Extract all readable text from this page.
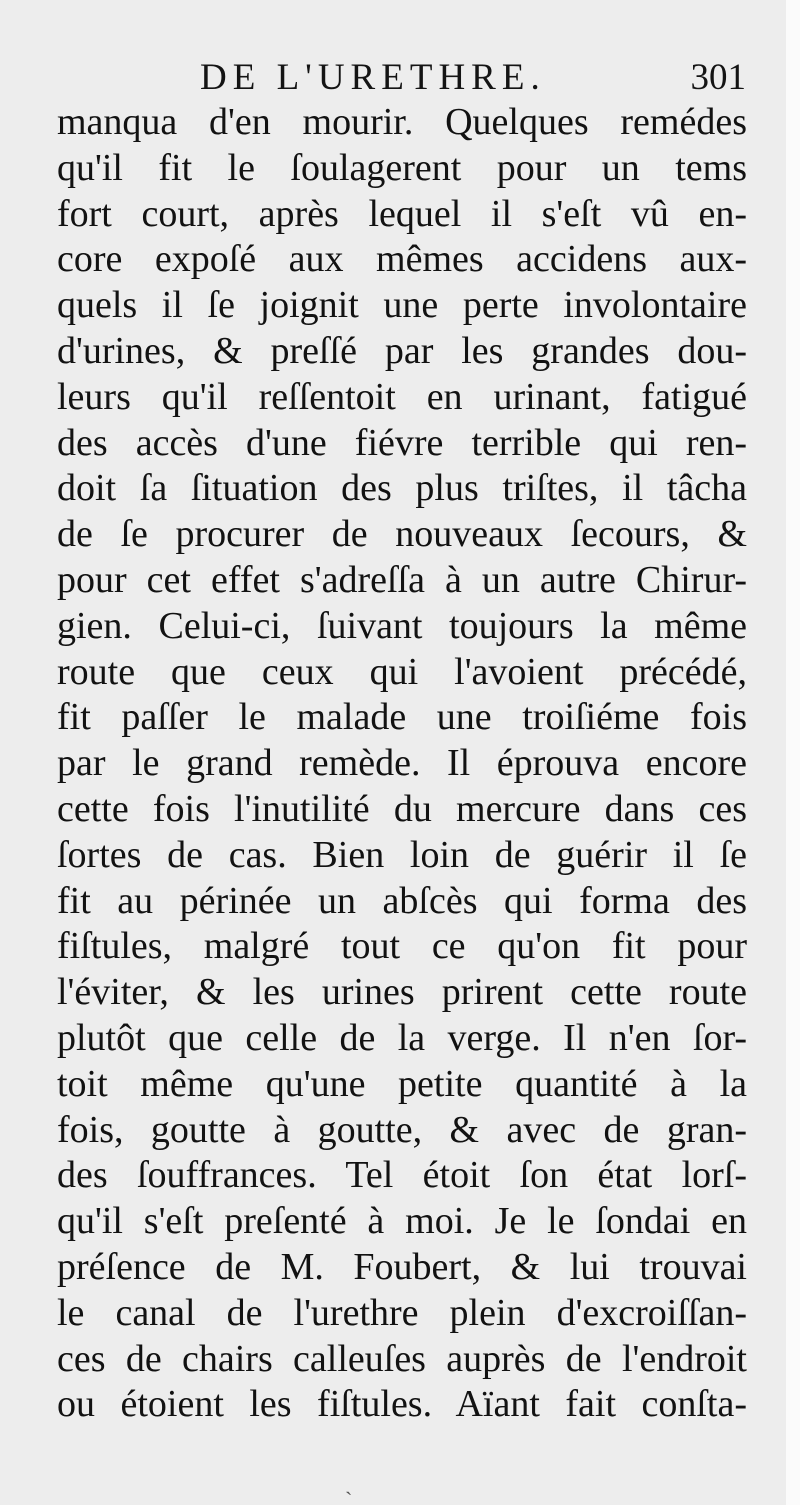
DE L'URETHRE.	301
manqua d'en mourir. Quelques remédes
qu'il fit le ſoulagerent pour un tems
fort court, après lequel il s'eſt vû en-
core expoſé aux mêmes accidens aux-
quels il ſe joignit une perte involontaire
d'urines, & preſſé par les grandes dou-
leurs qu'il reſſentoit en urinant, fatigué
des accès d'une fiévre terrible qui ren-
doit ſa ſituation des plus triſtes, il tâcha
de ſe procurer de nouveaux ſecours, &
pour cet effet s'adreſſa à un autre Chirur-
gien. Celui-ci, ſuivant toujours la même
route que ceux qui l'avoient précédé,
fit paſſer le malade une troiſiéme fois
par le grand remède. Il éprouva encore
cette fois l'inutilité du mercure dans ces
ſortes de cas. Bien loin de guérir il ſe
fit au périnée un abſcès qui forma des
fiſtules, malgré tout ce qu'on fit pour
l'éviter, & les urines prirent cette route
plutôt que celle de la verge. Il n'en ſor-
toit même qu'une petite quantité à la
fois, goutte à goutte, & avec de gran-
des ſouffrances. Tel étoit ſon état lorſ-
qu'il s'eſt preſenté à moi. Je le ſondai en
préſence de M. Foubert, & lui trouvai
le canal de l'urethre plein d'excroiſſan-
ces de chairs calleuſes auprès de l'endroit
ou étoient les fiſtules. Aïant fait conſta-
ˏ
